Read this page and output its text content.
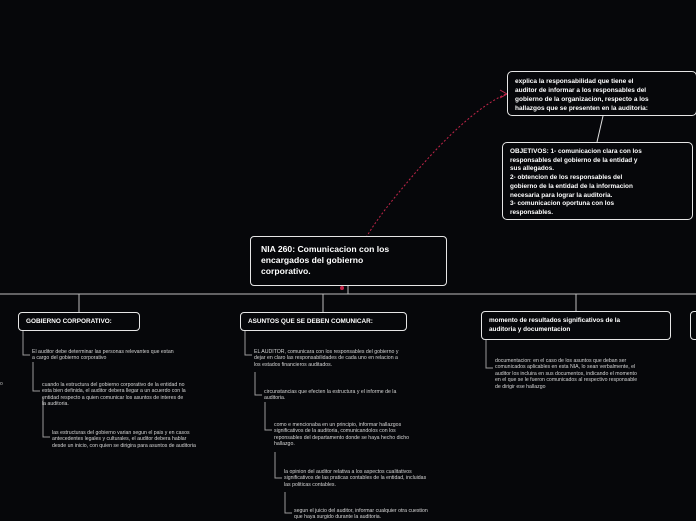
o
NIA 260: Comunicacion con los
encargados del gobierno
corporativo.
explica la responsabilidad que tiene el
auditor de informar a los responsables del
gobierno de la organizacion, respecto a los
hallazgos que se presenten en la auditoria:
OBJETIVOS: 1- comunicacion clara con los
responsables del gobierno de la entidad y
sus allegados.
2- obtencion de los responsables del
gobierno de la entidad de la informacion
necesaria para lograr la auditoria.
3- comunicacion oportuna con los
responsables.
GOBIERNO CORPORATIVO:
El auditor debe determinar las personas relevantes que estan
a cargo del gobierno corporativo
cuando la estructura del gobierno corporativo de la entidad no
esta bien definida, el auditor debera llegar a un acuerdo con la
entidad respecto a quien comunicar los asuntos de interes de
la auditoria.
las estructuras del gobierno varian segun el pais y en casos
antecedentes legales y culturales, el auditor debera hablar
desde un inicio, con quien se dirigira para asuntos de auditoria
ASUNTOS QUE SE DEBEN COMUNICAR:
EL AUDITOR, comunicara con los responsables del gobierno y
dejar en claro las responsabilidades de cada uno en relacion a
los estados financieros auditados.
circunstancias que efecten la estructura y el informe de la
auditoria.
como e mencionaba en un principio, informar hallazgos
significativos de la auditoria, comunicandolos con los
reponsables del departamento donde se haya hecho dicho
hallazgo.
la opinion del auditor relativa a los aspectos cualitativos
significativos de las praticas contables de la entidad, incluidas
las politicas contables.
segun el juicio del auditor, informar cualquier otra cuestion
que haya surgido durante la auditoria.
momento de resultados significativos de la
auditoria y documentacion
documentacion: en el caso de los asuntos que deban ser
comunicados aplicables en esta NIA, lo sean verbalmente, el
auditor los incluira en sus documentos, indicando el momento
en el que se le fueron comunicados al respectivo responsable
de dirigir ese hallazgo
